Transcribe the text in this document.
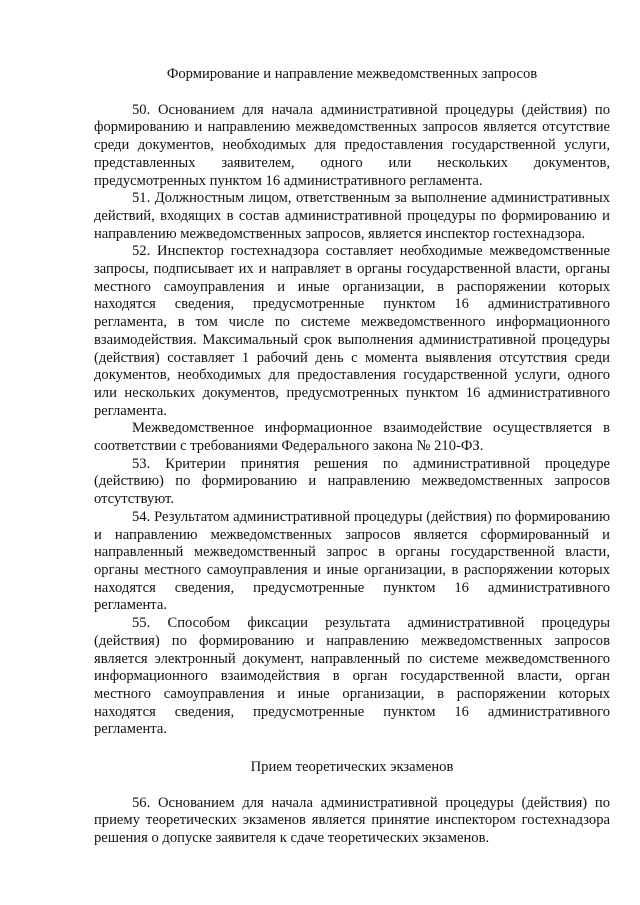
Формирование и направление межведомственных запросов

50. Основанием для начала административной процедуры (действия) по формированию и направлению межведомственных запросов является отсутствие среди документов, необходимых для предоставления государственной услуги, представленных заявителем, одного или нескольких документов, предусмотренных пунктом 16 административного регламента.

51. Должностным лицом, ответственным за выполнение административных действий, входящих в состав административной процедуры по формированию и направлению межведомственных запросов, является инспектор гостехнадзора.

52. Инспектор гостехнадзора составляет необходимые межведомственные запросы, подписывает их и направляет в органы государственной власти, органы местного самоуправления и иные организации, в распоряжении которых находятся сведения, предусмотренные пунктом 16 административного регламента, в том числе по системе межведомственного информационного взаимодействия. Максимальный срок выполнения административной процедуры (действия) составляет 1 рабочий день с момента выявления отсутствия среди документов, необходимых для предоставления государственной услуги, одного или нескольких документов, предусмотренных пунктом 16 административного регламента.

Межведомственное информационное взаимодействие осуществляется в соответствии с требованиями Федерального закона № 210-ФЗ.

53. Критерии принятия решения по административной процедуре (действию) по формированию и направлению межведомственных запросов отсутствуют.

54. Результатом административной процедуры (действия) по формированию и направлению межведомственных запросов является сформированный и направленный межведомственный запрос в органы государственной власти, органы местного самоуправления и иные организации, в распоряжении которых находятся сведения, предусмотренные пунктом 16 административного регламента.

55. Способом фиксации результата административной процедуры (действия) по формированию и направлению межведомственных запросов является электронный документ, направленный по системе межведомственного информационного взаимодействия в орган государственной власти, орган местного самоуправления и иные организации, в распоряжении которых находятся сведения, предусмотренные пунктом 16 административного регламента.

Прием теоретических экзаменов

56. Основанием для начала административной процедуры (действия) по приему теоретических экзаменов является принятие инспектором гостехнадзора решения о допуске заявителя к сдаче теоретических экзаменов.
